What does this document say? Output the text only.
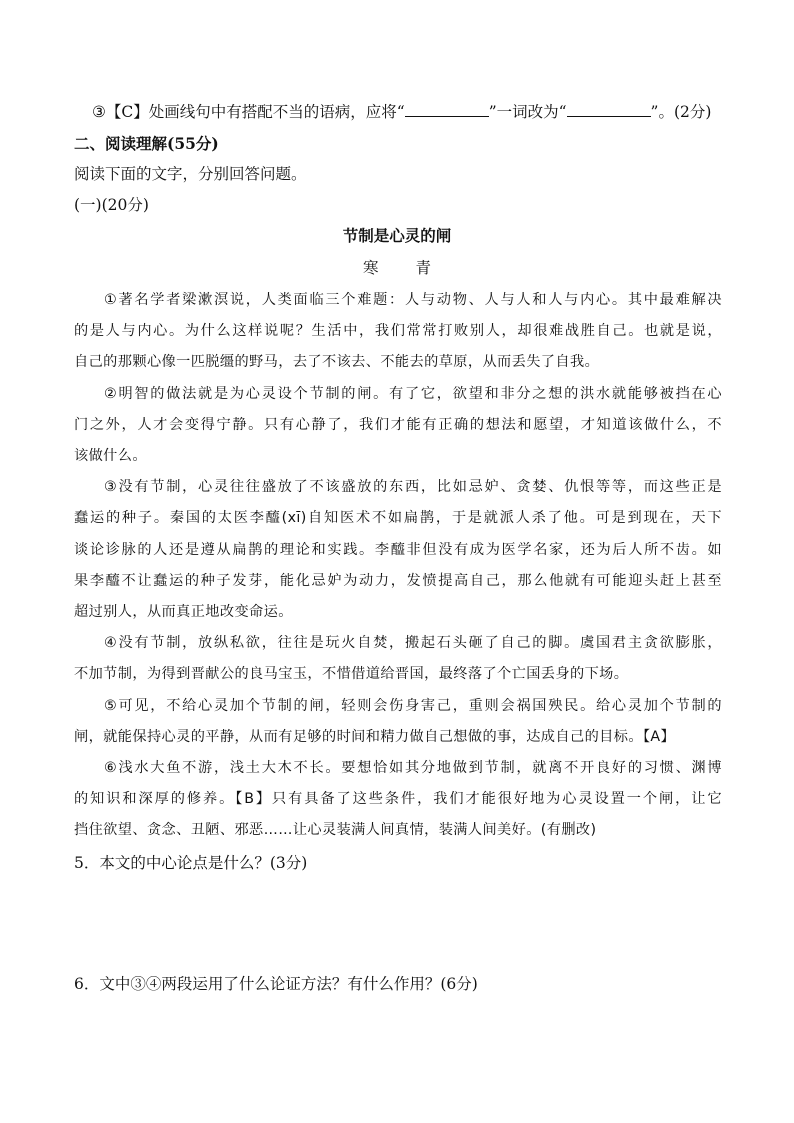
③【C】处画线句中有搭配不当的语病，应将“	”一词改为“	”。(2分)
二、阅读理解(55分)
阅读下面的文字，分别回答问题。
(一)(20分)
节制是心灵的闸
寒 青
①著名学者梁漱溟说，人类面临三个难题：人与动物、人与人和人与内心。其中最难解决
的是人与内心。为什么这样说呢？生活中，我们常常打败别人，却很难战胜自己。也就是说，
自己的那颗心像一匹脱缰的野马，去了不该去、不能去的草原，从而丢失了自我。
②明智的做法就是为心灵设个节制的闸。有了它，欲望和非分之想的洪水就能够被挡在心
门之外，人才会变得宁静。只有心静了，我们才能有正确的想法和愿望，才知道该做什么，不
该做什么。
③没有节制，心灵往往盛放了不该盛放的东西，比如忌妒、贪婪、仇恨等等，而这些正是
蠢运的种子。秦国的太医李醯(xī)自知医术不如扁鹊，于是就派人杀了他。可是到现在，天下
谈论诊脉的人还是遵从扁鹊的理论和实践。李醯非但没有成为医学名家，还为后人所不齿。如
果李醯不让蠢运的种子发芽，能化忌妒为动力，发愤提高自己，那么他就有可能迎头赶上甚至
超过别人，从而真正地改变命运。
④没有节制，放纵私欲，往往是玩火自焚，搬起石头砸了自己的脚。虞国君主贪欲膨胀，
不加节制，为得到晋献公的良马宝玉，不惜借道给晋国，最终落了个亡国丢身的下场。
⑤可见，不给心灵加个节制的闸，轻则会伤身害己，重则会祸国殃民。给心灵加个节制的
闸，就能保持心灵的平静，从而有足够的时间和精力做自己想做的事，达成自己的目标。【A】
⑥浅水大鱼不游，浅土大木不长。要想恰如其分地做到节制，就离不开良好的习惯、渊博
的知识和深厚的修养。【B】只有具备了这些条件，我们才能很好地为心灵设置一个闸，让它
挡住欲望、贪念、丑陋、邪恶……让心灵装满人间真情，装满人间美好。(有删改)
5．本文的中心论点是什么？(3分)
6．文中③④两段运用了什么论证方法？有什么作用？(6分)
